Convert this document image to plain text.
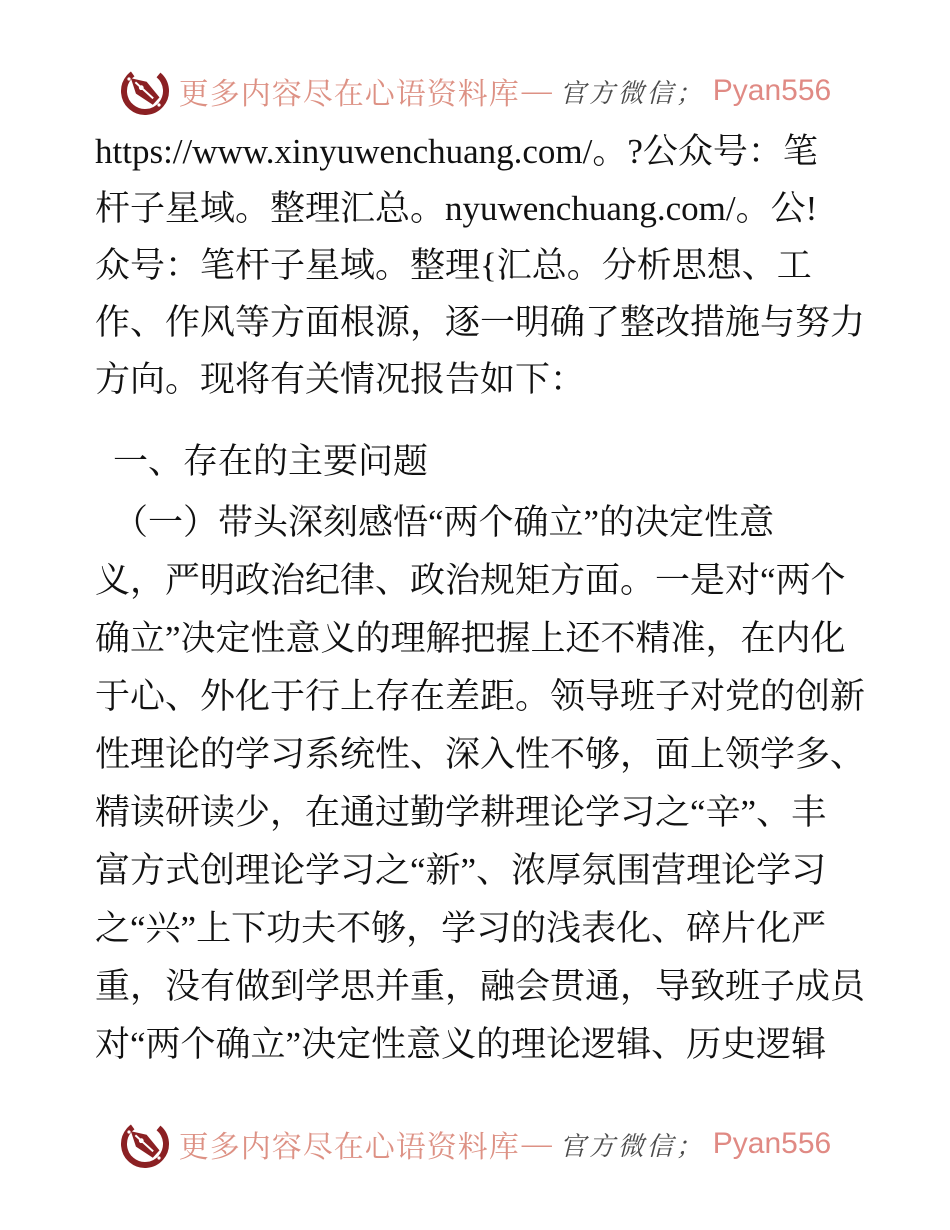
更多内容尽在心语资料库 — 官方微信； Pyan556
https://www.xinyuwenchuang.com/。?公众号：笔
杆子星域。整理汇总。nyuwenchuang.com/。公!
众号：笔杆子星域。整理{汇总。分析思想、工
作、作风等方面根源，逐一明确了整改措施与努力
方向。现将有关情况报告如下：
一、存在的主要问题
（一）带头深刻感悟“两个确立”的决定性意
义，严明政治纪律、政治规矩方面。一是对“两个
确立”决定性意义的理解把握上还不精准，在内化
于心、外化于行上存在差距。领导班子对党的创新
性理论的学习系统性、深入性不够，面上领学多、
精读研读少，在通过勤学耕理论学习之“辛”、丰
富方式创理论学习之“新”、浓厚氛围营理论学习
之“兴”上下功夫不够，学习的浅表化、碎片化严
重，没有做到学思并重，融会贯通，导致班子成员
对“两个确立”决定性意义的理论逻辑、历史逻辑
更多内容尽在心语资料库 — 官方微信； Pyan556
